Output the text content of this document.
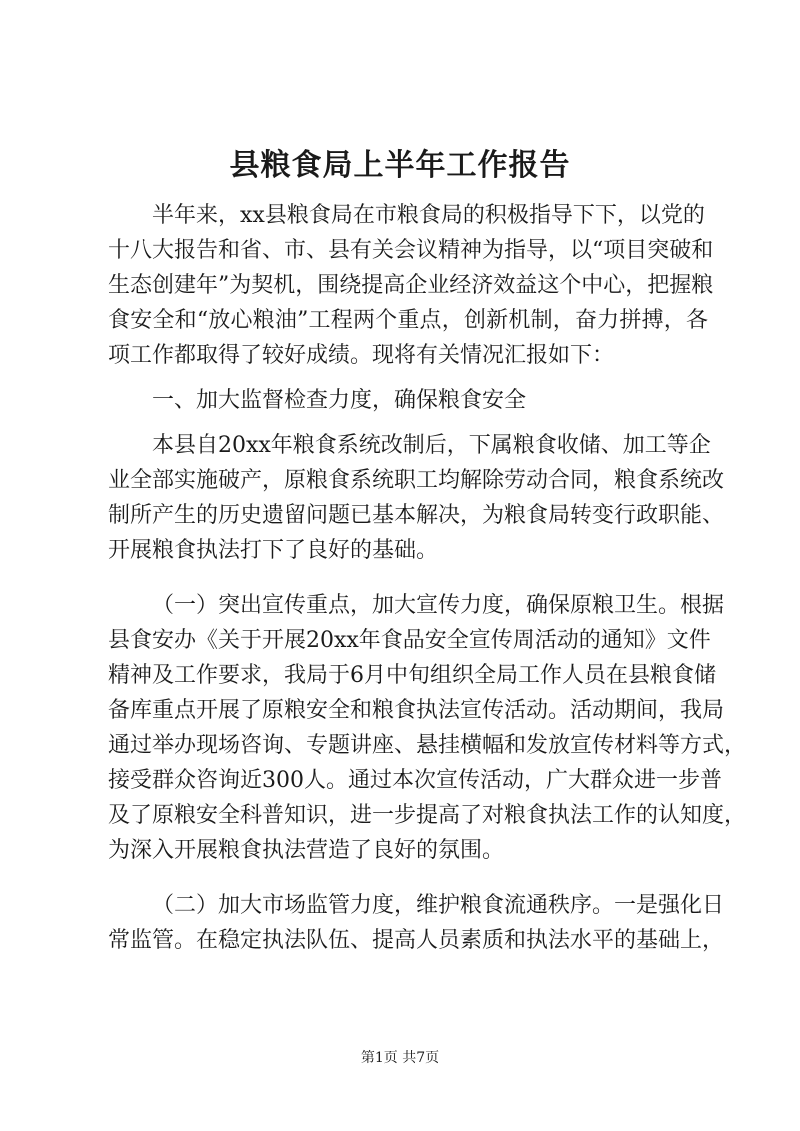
县粮食局上半年工作报告

半年来，xx县粮食局在市粮食局的积极指导下下，以党的

十八大报告和省、市、县有关会议精神为指导，以“项目突破和

生态创建年”为契机，围绕提高企业经济效益这个中心，把握粮

食安全和“放心粮油”工程两个重点，创新机制，奋力拼搏，各

项工作都取得了较好成绩。现将有关情况汇报如下：

一、加大监督检查力度，确保粮食安全

本县自20xx年粮食系统改制后，下属粮食收储、加工等企

业全部实施破产，原粮食系统职工均解除劳动合同，粮食系统改

制所产生的历史遗留问题已基本解决，为粮食局转变行政职能、

开展粮食执法打下了良好的基础。

（一）突出宣传重点，加大宣传力度，确保原粮卫生。根据

县食安办《关于开展20xx年食品安全宣传周活动的通知》文件

精神及工作要求，我局于6月中旬组织全局工作人员在县粮食储

备库重点开展了原粮安全和粮食执法宣传活动。活动期间，我局

通过举办现场咨询、专题讲座、悬挂横幅和发放宣传材料等方式，

接受群众咨询近300人。通过本次宣传活动，广大群众进一步普

及了原粮安全科普知识，进一步提高了对粮食执法工作的认知度，

为深入开展粮食执法营造了良好的氛围。

（二）加大市场监管力度，维护粮食流通秩序。一是强化日

常监管。在稳定执法队伍、提高人员素质和执法水平的基础上，

第1页 共7页
